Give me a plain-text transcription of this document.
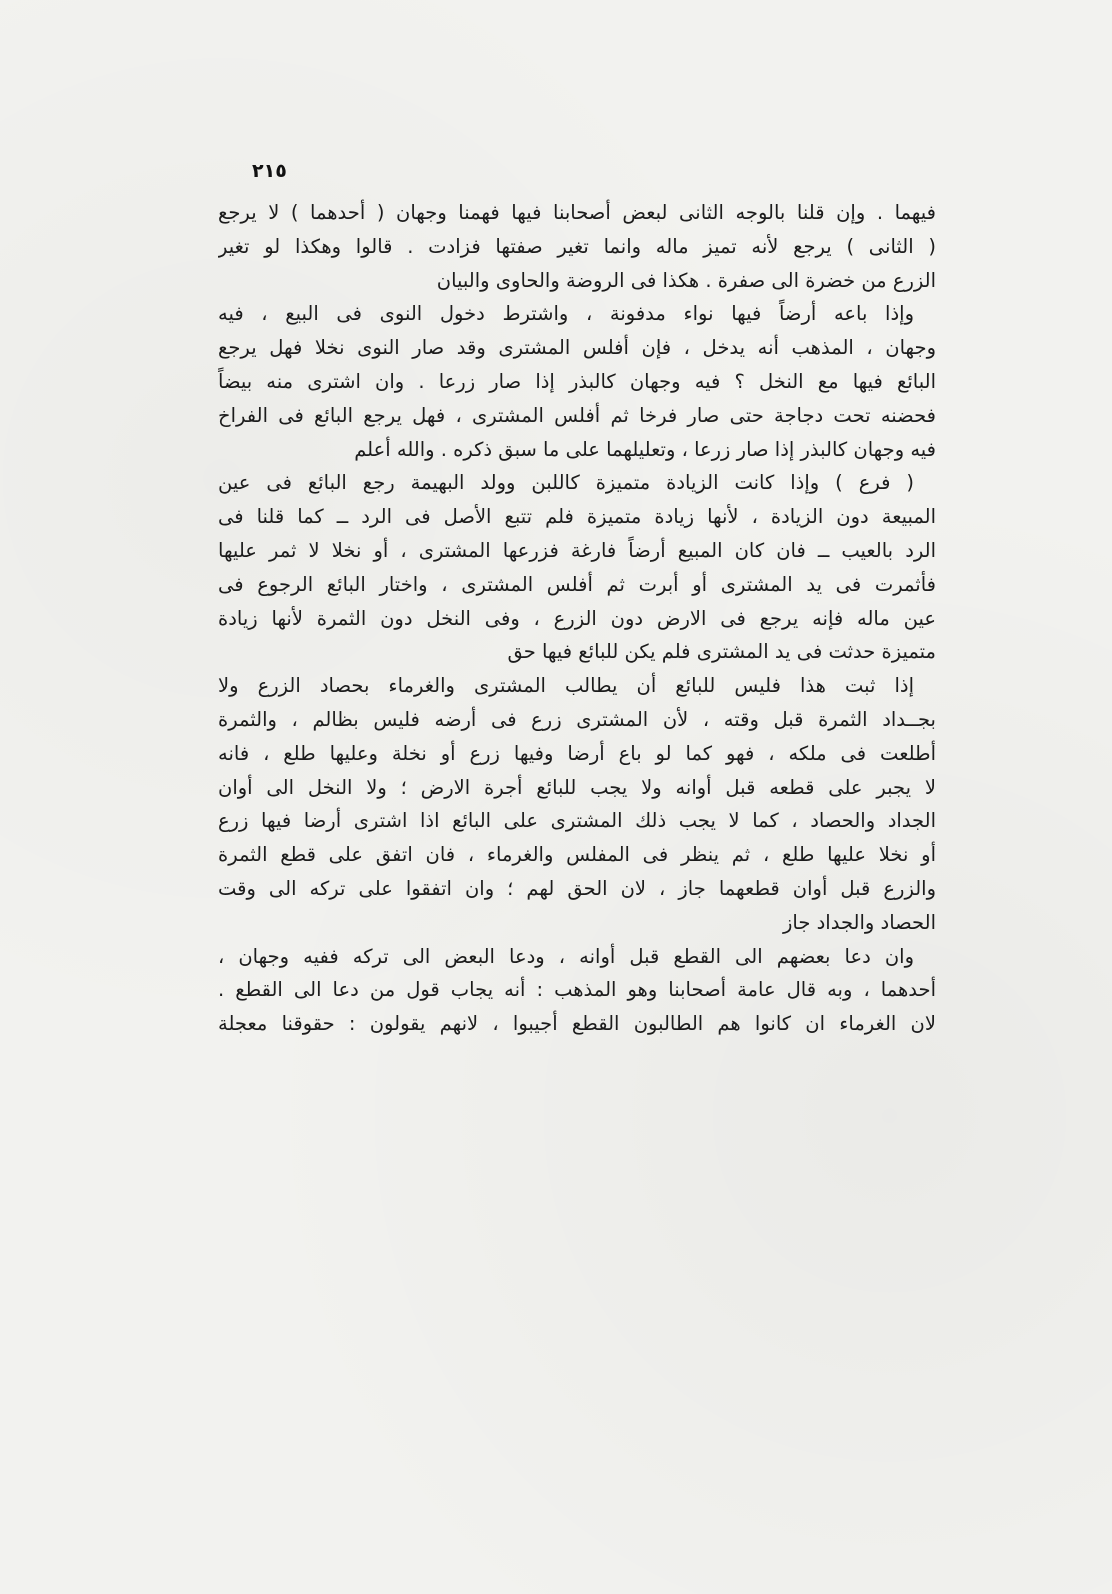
٢١٥
فيهما . وإن قلنا بالوجه الثانى لبعض أصحابنا فيها فهمنا وجهان ( أحدهما ) لا يرجع
( الثانى ) يرجع لأنه تميز ماله وانما تغير صفتها فزادت . قالوا وهكذا لو تغير
الزرع من خضرة الى صفرة . هكذا فى الروضة والحاوى والبيان
وإذا باعه أرضاً فيها نواء مدفونة ، واشترط دخول النوى فى البيع ، فيه
وجهان ، المذهب أنه يدخل ، فإن أفلس المشترى وقد صار النوى نخلا فهل يرجع
البائع فيها مع النخل ؟ فيه وجهان كالبذر إذا صار زرعا . وان اشترى منه بيضاً
فحضنه تحت دجاجة حتى صار فرخا ثم أفلس المشترى ، فهل يرجع البائع فى الفراخ
فيه وجهان كالبذر إذا صار زرعا ، وتعليلهما على ما سبق ذكره . والله أعلم
( فرع ) وإذا كانت الزيادة متميزة كاللبن وولد البهيمة رجع البائع فى عين
المبيعة دون الزيادة ، لأنها زيادة متميزة فلم تتبع الأصل فى الرد ــ كما قلنا فى
الرد بالعيب ــ فان كان المبيع أرضاً فارغة فزرعها المشترى ، أو نخلا لا ثمر عليها
فأثمرت فى يد المشترى أو أبرت ثم أفلس المشترى ، واختار البائع الرجوع فى
عين ماله فإنه يرجع فى الارض دون الزرع ، وفى النخل دون الثمرة لأنها زيادة
متميزة حدثت فى يد المشترى فلم يكن للبائع فيها حق
إذا ثبت هذا فليس للبائع أن يطالب المشترى والغرماء بحصاد الزرع ولا
بجــداد الثمرة قبل وقته ، لأن المشترى زرع فى أرضه فليس بظالم ، والثمرة
أطلعت فى ملكه ، فهو كما لو باع أرضا وفيها زرع أو نخلة وعليها طلع ، فانه
لا يجبر على قطعه قبل أوانه ولا يجب للبائع أجرة الارض ؛ ولا النخل الى أوان
الجداد والحصاد ، كما لا يجب ذلك المشترى على البائع اذا اشترى أرضا فيها زرع
أو نخلا عليها طلع ، ثم ينظر فى المفلس والغرماء ، فان اتفق على قطع الثمرة
والزرع قبل أوان قطعهما جاز ، لان الحق لهم ؛ وان اتفقوا على تركه الى وقت
الحصاد والجداد جاز
وان دعا بعضهم الى القطع قبل أوانه ، ودعا البعض الى تركه ففيه وجهان ،
أحدهما ، وبه قال عامة أصحابنا وهو المذهب : أنه يجاب قول من دعا الى القطع .
لان الغرماء ان كانوا هم الطالبون القطع أجيبوا ، لانهم يقولون : حقوقنا معجلة
